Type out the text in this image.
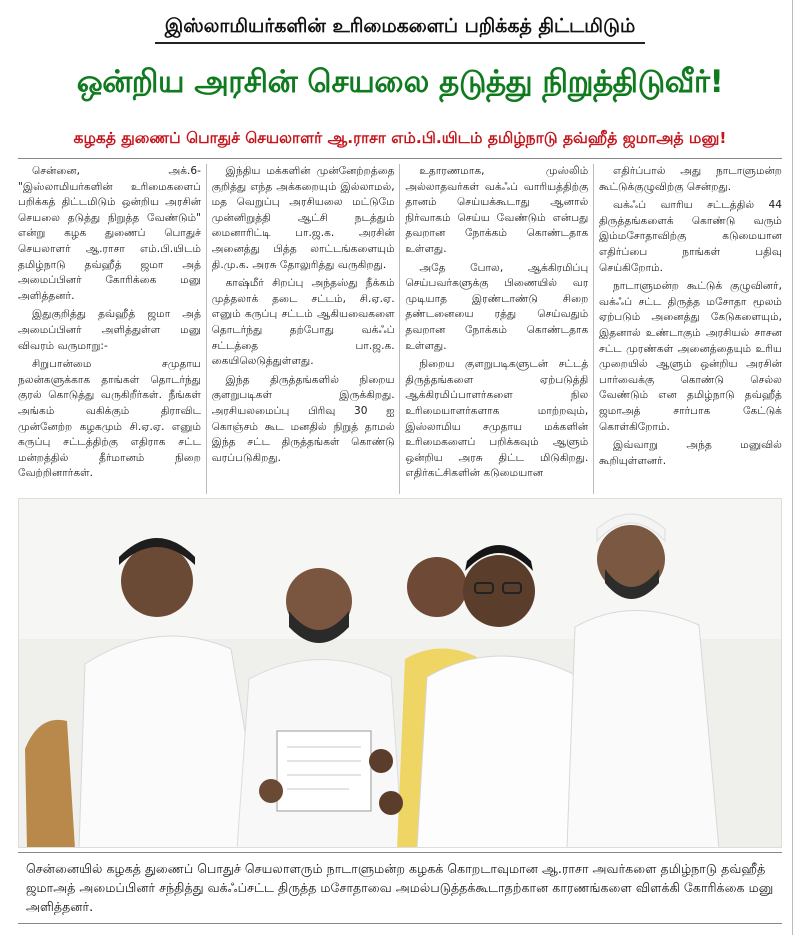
இஸ்லாமியர்களின் உரிமைகளைப் பறிக்கத் திட்டமிடும்
ஒன்றிய அரசின் செயலை தடுத்து நிறுத்திடுவீர்!
கழகத் துணைப் பொதுச் செயலாளர் ஆ.ராசா எம்.பி.யிடம் தமிழ்நாடு தவ்ஹீத் ஜமாஅத் மனு!

சென்னை, அக்.6- "இஸ்லாமியர்களின் உரிமைகளைப் பறிக்கத் திட்டமிடும் ஒன்றிய அரசின் செயலை தடுத்து நிறுத்த வேண்டும்" என்று கழக துணைப் பொதுச் செயலாளர் ஆ.ராசா எம்.பி.யிடம் தமிழ்நாடு தவ்ஹீத் ஜமா அத் அமைப்பினர் கோரிக்கை மனு அளித்தனர்.

இதுகுறித்து தவ்ஹீத் ஜமா அத் அமைப்பினர் அளித்துள்ள மனு விவரம் வருமாறு:-

சிறுபான்மை சமுதாய நலன்களுக்காக தாங்கள் தொடர்ந்து குரல் கொடுத்து வருகிறீர்கள். நீங்கள் அங்கம் வகிக்கும் திராவிட முன்னேற்ற கழகமும் சி.ஏ.ஏ. எனும் கருப்பு சட்டத்திற்கு எதிராக சட்ட மன்றத்தில் தீர்மானம் நிறை வேற்றினார்கள்.

இந்திய மக்களின் முன்னேற்றத்தை குறித்து எந்த அக்கறையும் இல்லாமல், மத வெறுப்பு அரசியலை மட்டுமே முன்னிறுத்தி ஆட்சி நடத்தும் மைனாரிட்டி பா.ஜ.க. அரசின் அனைத்து பித்த லாட்டங்களையும் தி.மு.க. அரசு தோலுரித்து வருகிறது.

காஷ்மீர் சிறப்பு அந்தஸ்து நீக்கம் முத்தலாக் தடை சட்டம், சி.ஏ.ஏ. எனும் கருப்பு சட்டம் ஆகியவைகளை தொடர்ந்து தற்போது வக்ஃப் சட்டத்தை பா.ஜ.க. கையிலெடுத்துள்ளது.

இந்த திருத்தங்களில் நிறைய குளறுபடிகள் இருக்கிறது. அரசியலமைப்பு பிரிவு 30 ஐ கொஞ்சம் கூட மனதில் நிறுத் தாமல் இந்த சட்ட திருத்தங்கள் கொண்டு வரப்படுகிறது.

உதாரணமாக, முஸ்லிம் அல்லாதவர்கள் வக்ஃப் வாரியத்திற்கு தானம் செய்யக்கூடாது ஆனால் நிர்வாகம் செய்ய வேண்டும் என்பது தவறான நோக்கம் கொண்டதாக உள்ளது.

அதே போல, ஆக்கிரமிப்பு செய்பவர்களுக்கு பிணையில் வர முடியாத இரண்டாண்டு சிறை தண்டனையை ரத்து செய்வதும் தவறான நோக்கம் கொண்டதாக உள்ளது.

நிறைய குளறுபடிகளுடன் சட்டத் திருத்தங்களை ஏற்படுத்தி ஆக்கிரமிப்பாளர்களை நில உரிமையாளர்களாக மாற்றவும், இஸ்லாமிய சமுதாய மக்களின் உரிமைகளைப் பறிக்கவும் ஆளும் ஒன்றிய அரசு திட்ட மிடுகிறது. எதிர்கட்சிகளின் கடுமையான

எதிர்ப்பால் அது நாடாளுமன்ற கூட்டுக்குழுவிற்கு சென்றது.

வக்ஃப் வாரிய சட்டத்தில் 44 திருத்தங்களைக் கொண்டு வரும் இம்மசோதாவிற்கு கடுமையான எதிர்ப்பை நாங்கள் பதிவு செய்கிறோம்.

நாடாளுமன்ற கூட்டுக் குழுவினர், வக்ஃப் சட்ட திருத்த மசோதா மூலம் ஏற்படும் அனைத்து கேடுகளையும், இதனால் உண்டாகும் அரசியல் சாசன சட்ட முரண்கள் அனைத்தையும் உரிய முறையில் ஆளும் ஒன்றிய அரசின் பார்வைக்கு கொண்டு செல்ல வேண்டும் என தமிழ்நாடு தவ்ஹீத் ஜமாஅத் சார்பாக கேட்டுக் கொள்கிறோம்.

இவ்வாறு அந்த மனுவில் கூறியுள்ளனர்.

சென்னையில் கழகத் துணைப் பொதுச் செயலாளரும் நாடாளுமன்ற கழகக் கொறடாவுமான ஆ.ராசா அவர்களை தமிழ்நாடு தவ்ஹீத் ஜமாஅத் அமைப்பினர் சந்தித்து வக்ஃப்சட்ட திருத்த மசோதாவை அமல்படுத்தக்கூடாதற்கான காரணங்களை விளக்கி கோரிக்கை மனு அளித்தனர்.
